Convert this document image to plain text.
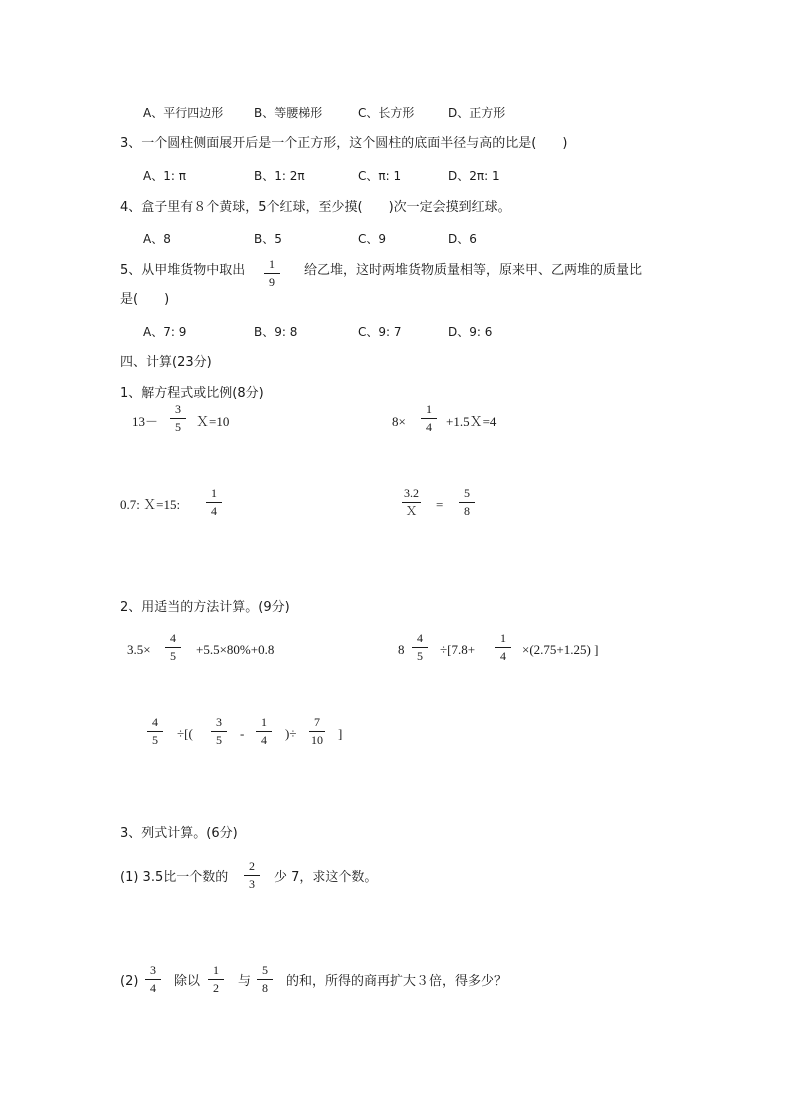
A、平行四边形	B、等腰梯形	C、长方形	D、正方形
3、一个圆柱侧面展开后是一个正方形，这个圆柱的底面半径与高的比是(　　)
A、1: π	B、1: 2π	C、π: 1	D、2π: 1
4、盒子里有８个黄球，5个红球，至少摸(　　)次一定会摸到红球。
A、8	B、5	C、9	D、6
5、从甲堆货物中取出 $\frac{1}{9}$ 给乙堆，这时两堆货物质量相等，原来甲、乙两堆的质量比
是(　　)
A、7: 9	B、9: 8	C、9: 7	D、9: 6
四、计算(23分)
1、解方程式或比例(8分)
$13- \frac{3}{5}$ Ｘ=10	$8\times \frac{1}{4}$ +1.5Ｘ=4
0.7: Ｘ=15: $\frac{1}{4}$	$\frac{3.2}{\text{Ｘ}} = \frac{5}{8}$
2、用适当的方法计算。(9分)
$3.5\times \frac{4}{5} +5.5\times 80\%+0.8$	$8 \frac{4}{5} \div[7.8+ \frac{1}{4} \times(2.75+1.25)$ ]
$\frac{4}{5}$ ÷[( $\frac{3}{5} - \frac{1}{4}$ )÷ $\frac{7}{10}$ ]
3、列式计算。(6分)
(1) 3.5比一个数的 $\frac{2}{3}$ 少 7，求这个数。
$(2) \frac{3}{4}$ 除以 $\frac{1}{2}$ 与 $\frac{5}{8}$ 的和，所得的商再扩大３倍，得多少？
